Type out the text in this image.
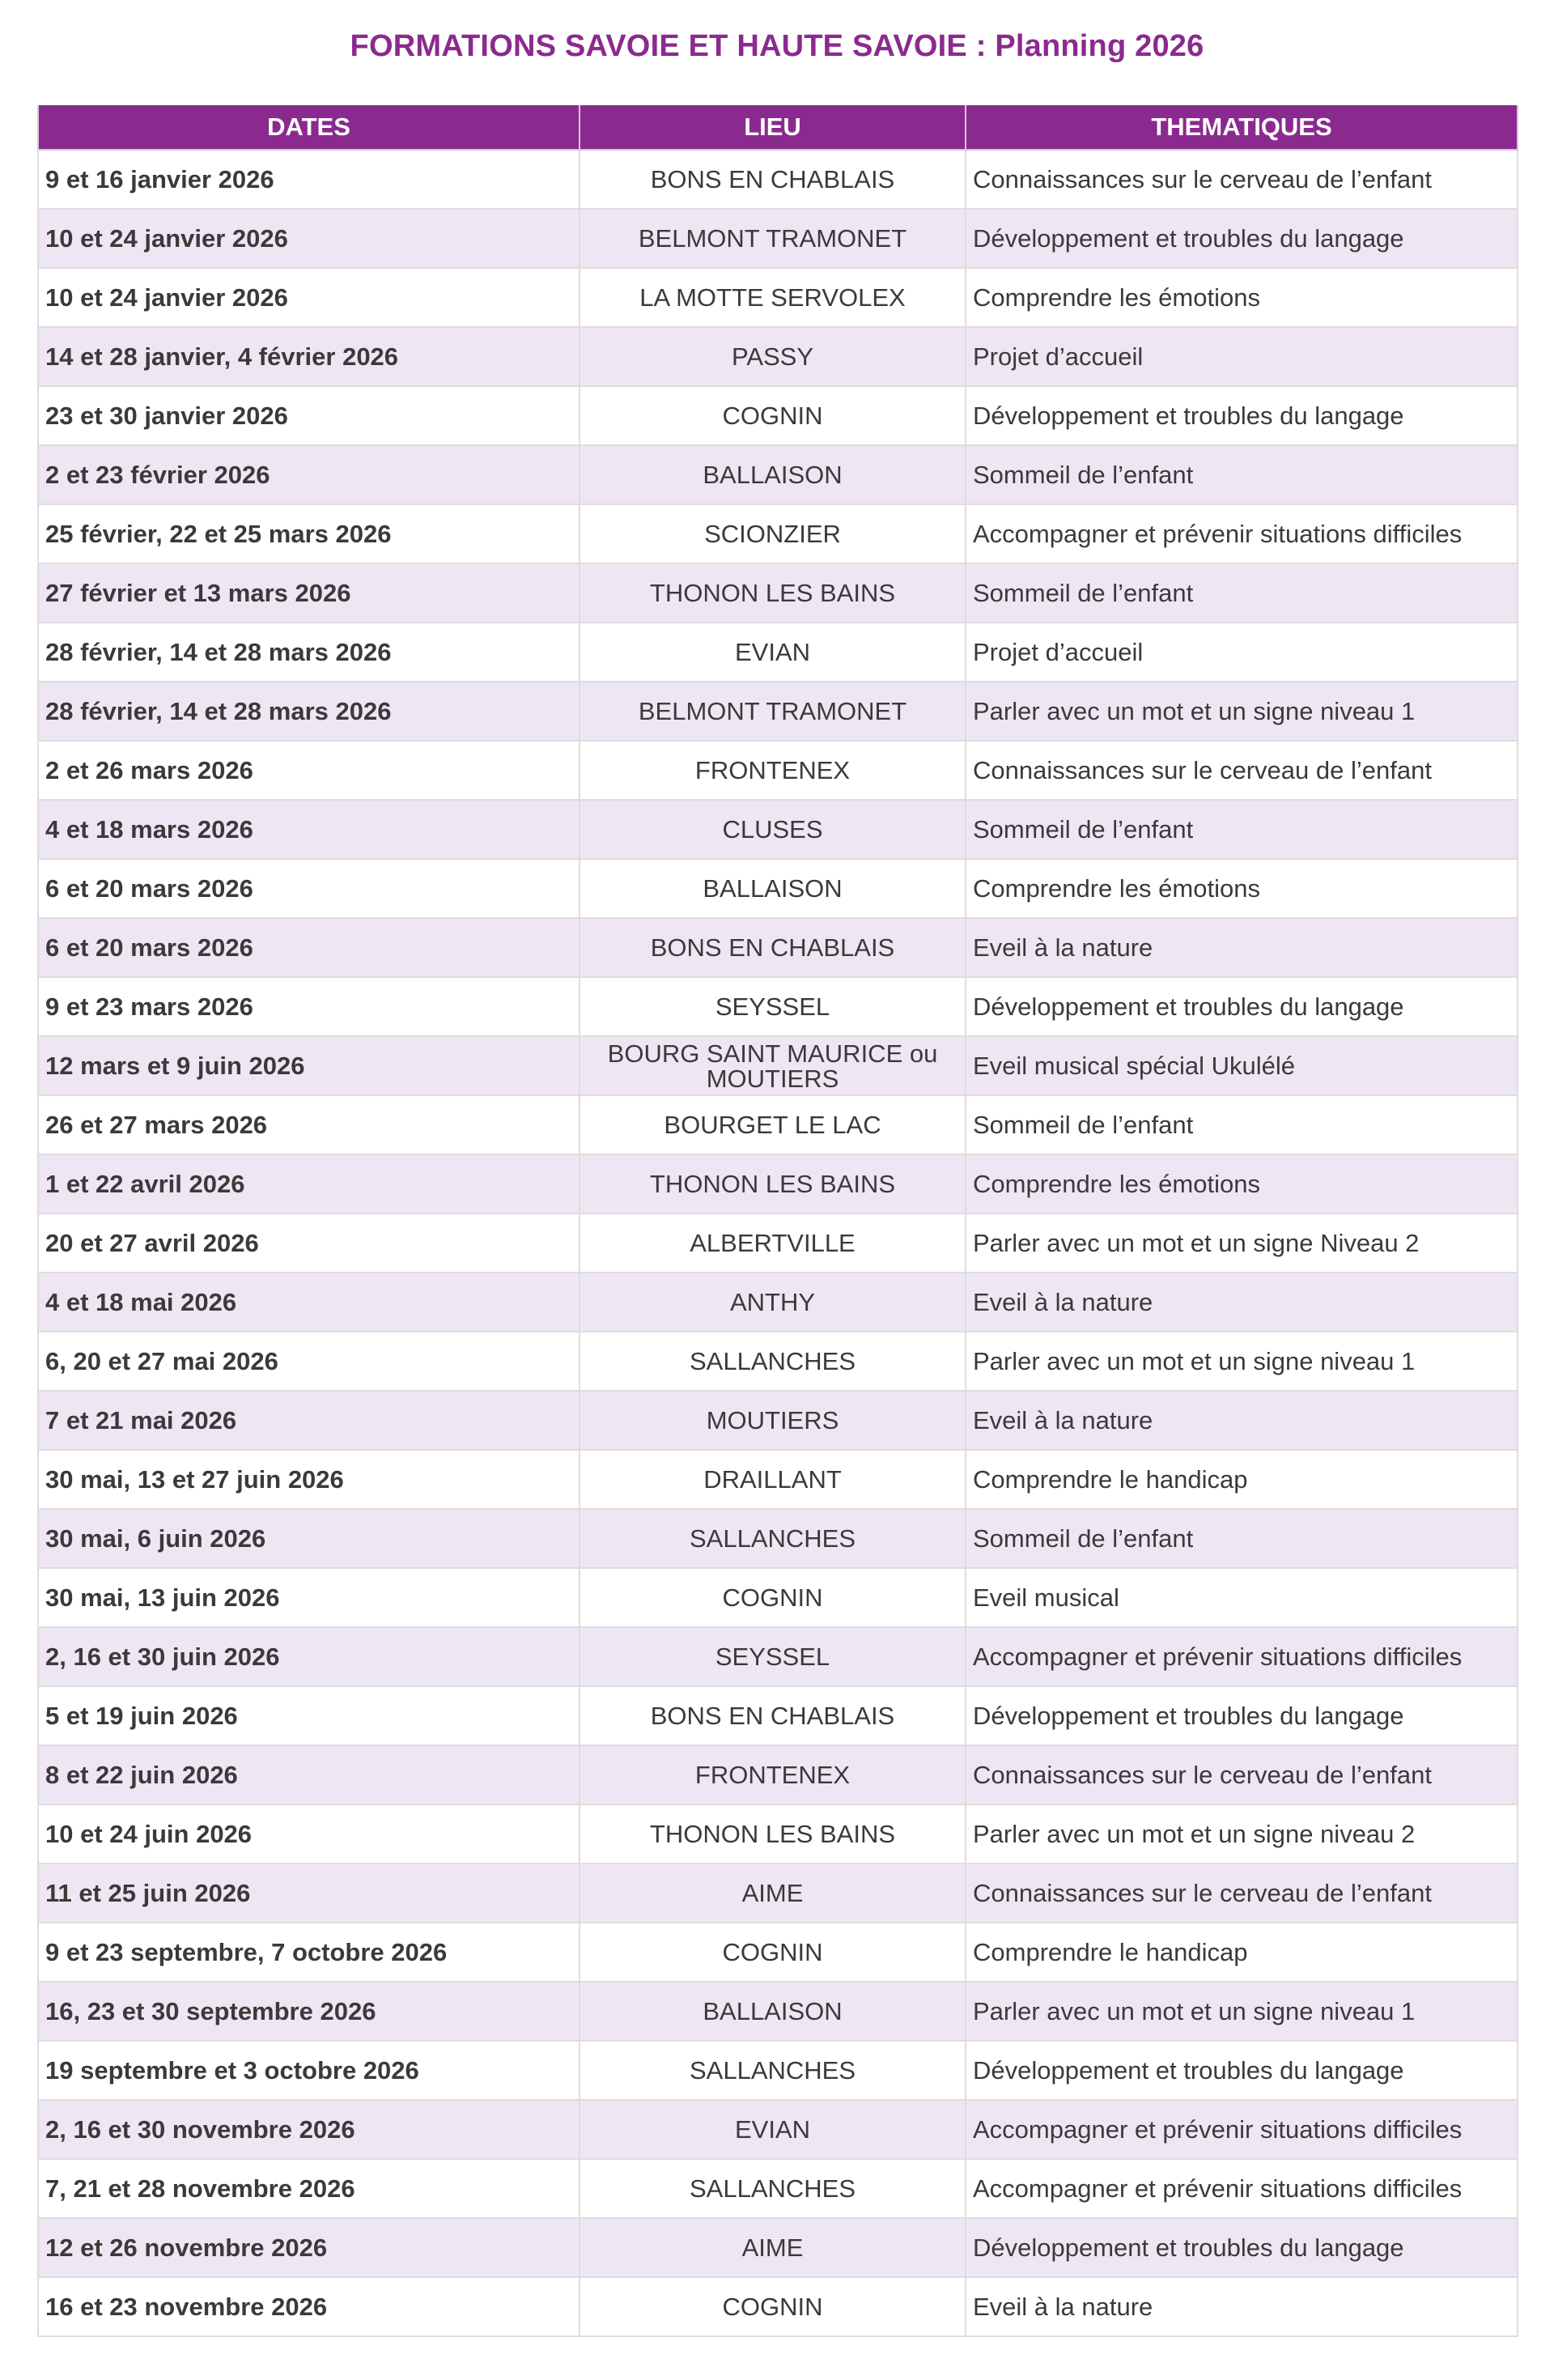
FORMATIONS SAVOIE ET HAUTE SAVOIE : Planning 2026
DATES	LIEU	THEMATIQUES
9 et 16 janvier 2026	BONS EN CHABLAIS	Connaissances sur le cerveau de l’enfant
10 et 24 janvier 2026	BELMONT TRAMONET	Développement et troubles du langage
10 et 24 janvier 2026	LA MOTTE SERVOLEX	Comprendre les émotions
14 et 28 janvier, 4 février 2026	PASSY	Projet d’accueil
23 et 30 janvier 2026	COGNIN	Développement et troubles du langage
2 et 23 février 2026	BALLAISON	Sommeil de l’enfant
25 février, 22 et 25 mars 2026	SCIONZIER	Accompagner et prévenir situations difficiles
27 février et 13 mars 2026	THONON LES BAINS	Sommeil de l’enfant
28 février, 14 et 28 mars 2026	EVIAN	Projet d’accueil
28 février, 14 et 28 mars 2026	BELMONT TRAMONET	Parler avec un mot et un signe niveau 1
2 et 26 mars 2026	FRONTENEX	Connaissances sur le cerveau de l’enfant
4 et 18 mars 2026	CLUSES	Sommeil de l’enfant
6 et 20 mars 2026	BALLAISON	Comprendre les émotions
6 et 20 mars 2026	BONS EN CHABLAIS	Eveil à la nature
9 et 23 mars 2026	SEYSSEL	Développement et troubles du langage
12 mars et 9 juin 2026	BOURG SAINT MAURICE ou MOUTIERS	Eveil musical spécial Ukulélé
26 et 27 mars 2026	BOURGET LE LAC	Sommeil de l’enfant
1 et 22 avril 2026	THONON LES BAINS	Comprendre les émotions
20 et 27 avril 2026	ALBERTVILLE	Parler avec un mot et un signe Niveau 2
4 et 18 mai 2026	ANTHY	Eveil à la nature
6, 20 et 27 mai 2026	SALLANCHES	Parler avec un mot et un signe niveau 1
7 et 21 mai 2026	MOUTIERS	Eveil à la nature
30 mai, 13 et 27 juin 2026	DRAILLANT	Comprendre le handicap
30 mai, 6 juin 2026	SALLANCHES	Sommeil de l’enfant
30 mai, 13 juin 2026	COGNIN	Eveil musical
2, 16 et 30 juin 2026	SEYSSEL	Accompagner et prévenir situations difficiles
5 et 19 juin 2026	BONS EN CHABLAIS	Développement et troubles du langage
8 et 22 juin 2026	FRONTENEX	Connaissances sur le cerveau de l’enfant
10 et 24 juin 2026	THONON LES BAINS	Parler avec un mot et un signe niveau 2
11 et 25 juin 2026	AIME	Connaissances sur le cerveau de l’enfant
9 et 23 septembre, 7 octobre 2026	COGNIN	Comprendre le handicap
16, 23 et 30 septembre 2026	BALLAISON	Parler avec un mot et un signe niveau 1
19 septembre et 3 octobre 2026	SALLANCHES	Développement et troubles du langage
2, 16 et 30 novembre 2026	EVIAN	Accompagner et prévenir situations difficiles
7, 21 et 28 novembre 2026	SALLANCHES	Accompagner et prévenir situations difficiles
12 et 26 novembre 2026	AIME	Développement et troubles du langage
16 et 23 novembre 2026	COGNIN	Eveil à la nature
